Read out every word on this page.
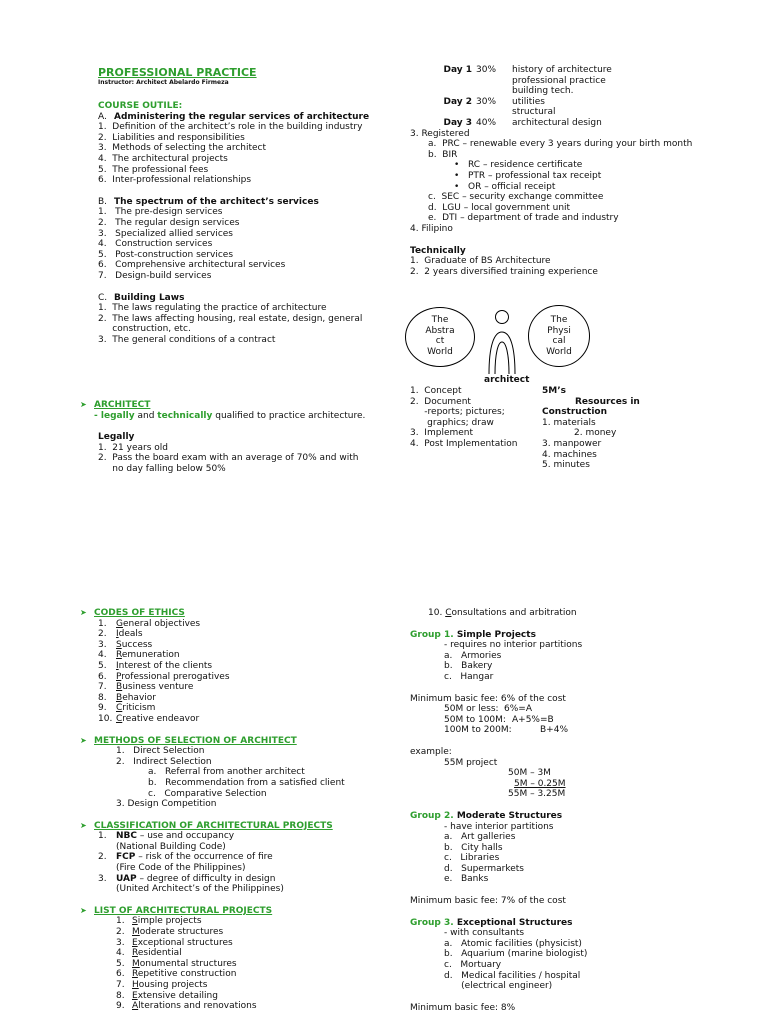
PROFESSIONAL PRACTICE
Instructor: Architect Abelardo Firmeza
COURSE OUTILE:
A. Administering the regular services of architecture
1.  Definition of the architect’s role in the building industry
2.  Liabilities and responsibilities
3.  Methods of selecting the architect
4.  The architectural projects
5.  The professional fees
6.  Inter-professional relationships
B. The spectrum of the architect’s services
1.   The pre-design services
2.   The regular design services
3.   Specialized allied services
4.   Construction services
5.   Post-construction services
6.   Comprehensive architectural services
7.   Design-build services
C. Building Laws
1.  The laws regulating the practice of architecture
2.  The laws affecting housing, real estate, design, general
construction, etc.
3.  The general conditions of a contract
➤ ARCHITECT
- legally and technically qualified to practice architecture.
Legally
1.  21 years old
2.  Pass the board exam with an average of 70% and with
no day falling below 50%
Day 1 30% history of architecture
professional practice
building tech.
Day 2 30% utilities
structural
Day 3 40% architectural design
3. Registered
a.  PRC – renewable every 3 years during your birth month
b.  BIR
• RC – residence certificate
• PTR – professional tax receipt
• OR – official receipt
c.  SEC – security exchange committee
d.  LGU – local government unit
e.  DTI – department of trade and industry
4. Filipino
Technically
1.  Graduate of BS Architecture
2.  2 years diversified training experience
The
Abstra
ct
World
The
Physi
cal
World
architect
1.  Concept
2.  Document
-reports; pictures;
graphics; draw
3.  Implement
4.  Post Implementation
5M’s
Resources in
Construction
1. materials
2. money
3. manpower
4. machines
5. minutes
➤ CODES OF ETHICS
1. General objectives
2. Ideals
3. Success
4. Remuneration
5. Interest of the clients
6. Professional prerogatives
7. Business venture
8. Behavior
9. Criticism
10. Creative endeavor
➤ METHODS OF SELECTION OF ARCHITECT
1.   Direct Selection
2.   Indirect Selection
a.   Referral from another architect
b.   Recommendation from a satisfied client
c.   Comparative Selection
3. Design Competition
➤ CLASSIFICATION OF ARCHITECTURAL PROJECTS
1. NBC – use and occupancy
(National Building Code)
2. FCP – risk of the occurrence of fire
(Fire Code of the Philippines)
3. UAP – degree of difficulty in design
(United Architect’s of the Philippines)
➤ LIST OF ARCHITECTURAL PROJECTS
1. Simple projects
2. Moderate structures
3. Exceptional structures
4. Residential
5. Monumental structures
6. Repetitive construction
7. Housing projects
8. Extensive detailing
9. Alterations and renovations
10. Consultations and arbitration
Group 1. Simple Projects
- requires no interior partitions
a.   Armories
b.   Bakery
c.   Hangar
Minimum basic fee: 6% of the cost
50M or less: 6%=A
50M to 100M: A+5%=B
100M to 200M:	B+4%
example:
55M project
50M – 3M
5M – 0.25M
55M – 3.25M
Group 2. Moderate Structures
- have interior partitions
a.   Art galleries
b.   City halls
c.   Libraries
d.   Supermarkets
e.   Banks
Minimum basic fee: 7% of the cost
Group 3. Exceptional Structures
- with consultants
a.   Atomic facilities (physicist)
b.   Aquarium (marine biologist)
c.   Mortuary
d.   Medical facilities / hospital
(electrical engineer)
Minimum basic fee: 8%
